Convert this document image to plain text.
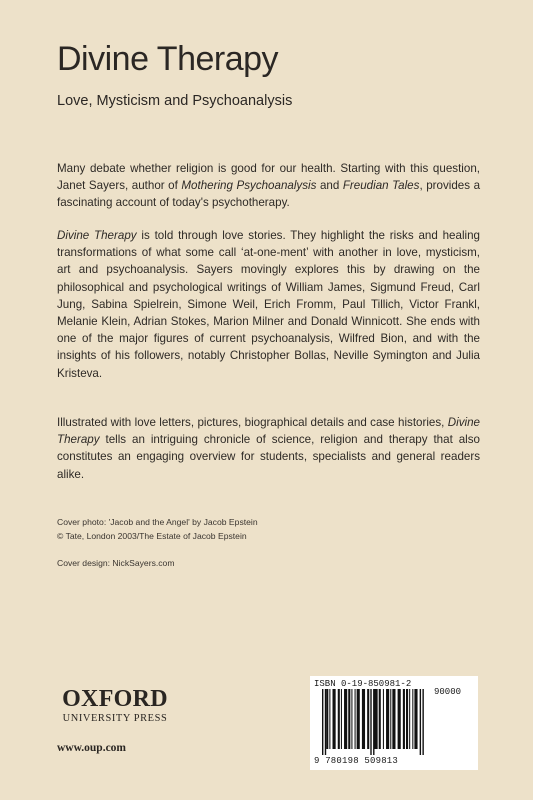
Divine Therapy
Love, Mysticism and Psychoanalysis

Many debate whether religion is good for our health. Starting with this question, Janet Sayers, author of Mothering Psychoanalysis and Freudian Tales, provides a fascinating account of today's psychotherapy.

Divine Therapy is told through love stories. They highlight the risks and healing transformations of what some call ‘at-one-ment’ with another in love, mysticism, art and psychoanalysis. Sayers movingly explores this by drawing on the philosophical and psychological writings of William James, Sigmund Freud, Carl Jung, Sabina Spielrein, Simone Weil, Erich Fromm, Paul Tillich, Victor Frankl, Melanie Klein, Adrian Stokes, Marion Milner and Donald Winnicott. She ends with one of the major figures of current psychoanalysis, Wilfred Bion, and with the insights of his followers, notably Christopher Bollas, Neville Symington and Julia Kristeva.

Illustrated with love letters, pictures, biographical details and case histories, Divine Therapy tells an intriguing chronicle of science, religion and therapy that also constitutes an engaging overview for students, specialists and general readers alike.

Cover photo: 'Jacob and the Angel' by Jacob Epstein
© Tate, London 2003/The Estate of Jacob Epstein
Cover design: NickSayers.com
OXFORD
UNIVERSITY PRESS
www.oup.com
ISBN 0-19-850981-2
90000
9 780198 509813
